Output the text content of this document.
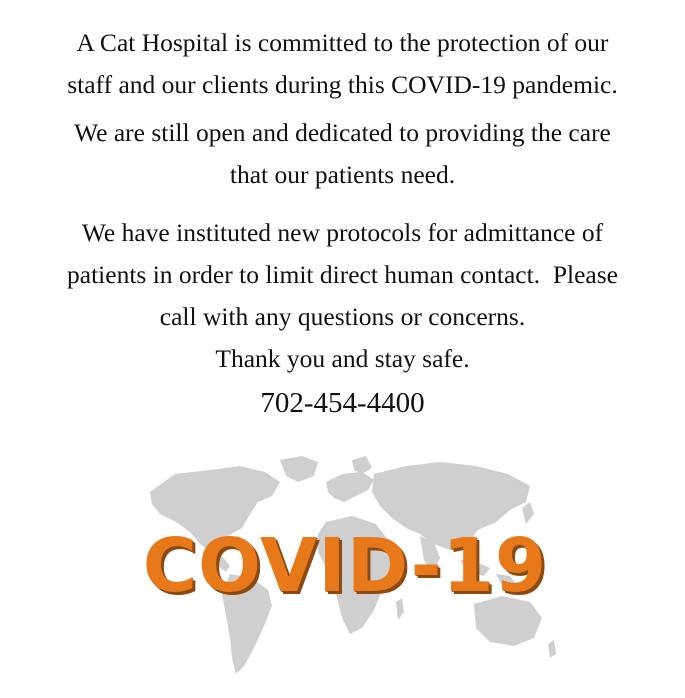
A Cat Hospital is committed to the protection of our
staff and our clients during this COVID-19 pandemic.

We are still open and dedicated to providing the care
that our patients need.

We have instituted new protocols for admittance of
patients in order to limit direct human contact.  Please
call with any questions or concerns.
Thank you and stay safe.
702-454-4400

COVID-19
